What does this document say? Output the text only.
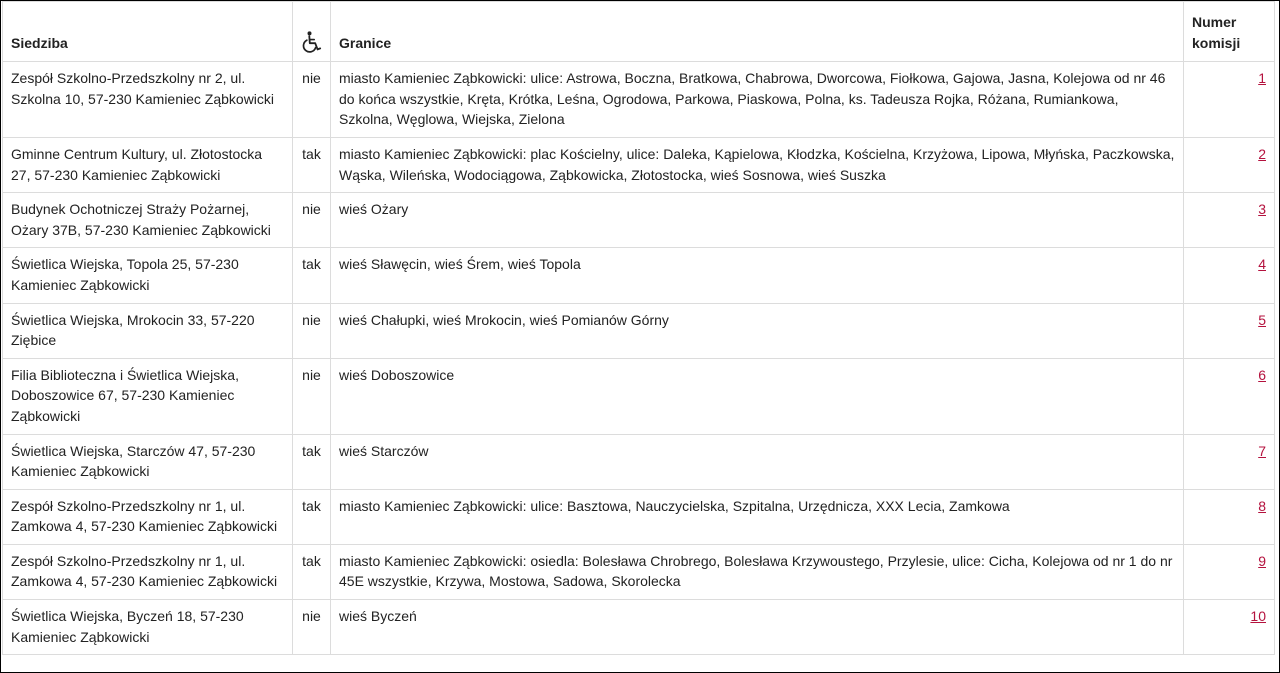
Siedziba		Granice	Numer komisji
Zespół Szkolno-Przedszkolny nr 2, ul. Szkolna 10, 57-230 Kamieniec Ząbkowicki	nie	miasto Kamieniec Ząbkowicki: ulice: Astrowa, Boczna, Bratkowa, Chabrowa, Dworcowa, Fiołkowa, Gajowa, Jasna, Kolejowa od nr 46 do końca wszystkie, Kręta, Krótka, Leśna, Ogrodowa, Parkowa, Piaskowa, Polna, ks. Tadeusza Rojka, Różana, Rumiankowa, Szkolna, Węglowa, Wiejska, Zielona	1
Gminne Centrum Kultury, ul. Złotostocka 27, 57-230 Kamieniec Ząbkowicki	tak	miasto Kamieniec Ząbkowicki: plac Kościelny, ulice: Daleka, Kąpielowa, Kłodzka, Kościelna, Krzyżowa, Lipowa, Młyńska, Paczkowska, Wąska, Wileńska, Wodociągowa, Ząbkowicka, Złotostocka, wieś Sosnowa, wieś Suszka	2
Budynek Ochotniczej Straży Pożarnej, Ożary 37B, 57-230 Kamieniec Ząbkowicki	nie	wieś Ożary	3
Świetlica Wiejska, Topola 25, 57-230 Kamieniec Ząbkowicki	tak	wieś Sławęcin, wieś Śrem, wieś Topola	4
Świetlica Wiejska, Mrokocin 33, 57-220 Ziębice	nie	wieś Chałupki, wieś Mrokocin, wieś Pomianów Górny	5
Filia Biblioteczna i Świetlica Wiejska, Doboszowice 67, 57-230 Kamieniec Ząbkowicki	nie	wieś Doboszowice	6
Świetlica Wiejska, Starczów 47, 57-230 Kamieniec Ząbkowicki	tak	wieś Starczów	7
Zespół Szkolno-Przedszkolny nr 1, ul. Zamkowa 4, 57-230 Kamieniec Ząbkowicki	tak	miasto Kamieniec Ząbkowicki: ulice: Basztowa, Nauczycielska, Szpitalna, Urzędnicza, XXX Lecia, Zamkowa	8
Zespół Szkolno-Przedszkolny nr 1, ul. Zamkowa 4, 57-230 Kamieniec Ząbkowicki	tak	miasto Kamieniec Ząbkowicki: osiedla: Bolesława Chrobrego, Bolesława Krzywoustego, Przylesie, ulice: Cicha, Kolejowa od nr 1 do nr 45E wszystkie, Krzywa, Mostowa, Sadowa, Skorolecka	9
Świetlica Wiejska, Byczeń 18, 57-230 Kamieniec Ząbkowicki	nie	wieś Byczeń	10
